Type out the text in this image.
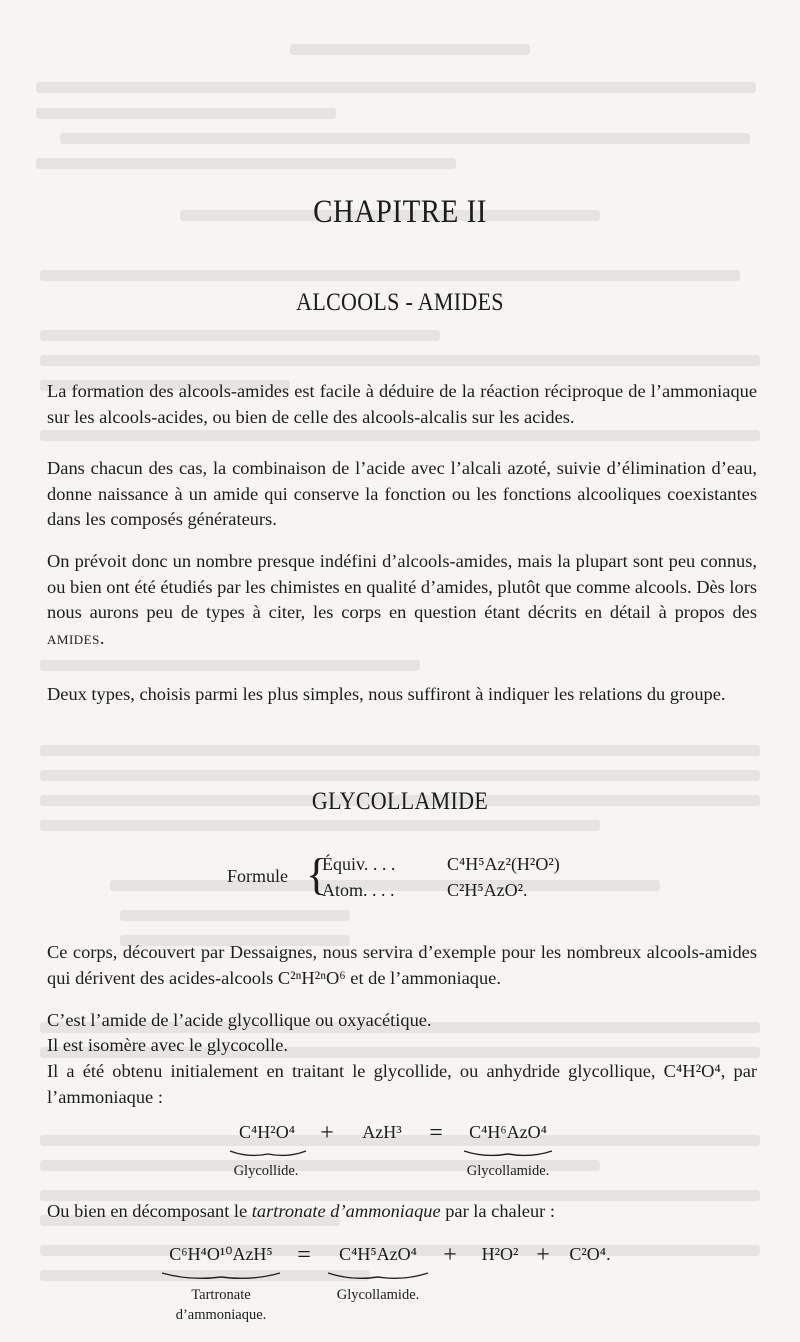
CHAPITRE II
ALCOOLS - AMIDES

La formation des alcools-amides est facile à déduire de la réaction réciproque de l’ammoniaque sur les alcools-acides, ou bien de celle des alcools-alcalis sur les acides.

Dans chacun des cas, la combinaison de l’acide avec l’alcali azoté, suivie d’élimination d’eau, donne naissance à un amide qui conserve la fonction ou les fonctions alcooliques coexistantes dans les composés générateurs.

On prévoit donc un nombre presque indéfini d’alcools-amides, mais la plupart sont peu connus, ou bien ont été étudiés par les chimistes en qualité d’amides, plutôt que comme alcools. Dès lors nous aurons peu de types à citer, les corps en question étant décrits en détail à propos des amides.

Deux types, choisis parmi les plus simples, nous suffiront à indiquer les relations du groupe.

GLYCOLLAMIDE
Formule {
Équiv. . . .	C⁴H⁵Az²(H²O²)
Atom. . . .	C²H⁵AzO².

Ce corps, découvert par Dessaignes, nous servira d’exemple pour les nombreux alcools-amides qui dérivent des acides-alcools C²ⁿH²ⁿO⁶ et de l’ammoniaque.

C’est l’amide de l’acide glycollique ou oxyacétique.

Il est isomère avec le glycocolle.

Il a été obtenu initialement en traitant le glycollide, ou anhydride glycollique, C⁴H²O⁴, par l’ammoniaque :

C⁴H²O⁴	+	AzH³	=	C⁴H⁶AzO⁴
Glycollide.	Glycollamide.

Ou bien en décomposant le tartronate d’ammoniaque par la chaleur :

C⁶H⁴O¹⁰AzH⁵	=	C⁴H⁵AzO⁴	+	H²O² +	C²O⁴.
Tartronate
d’ammoniaque.
Glycollamide.
